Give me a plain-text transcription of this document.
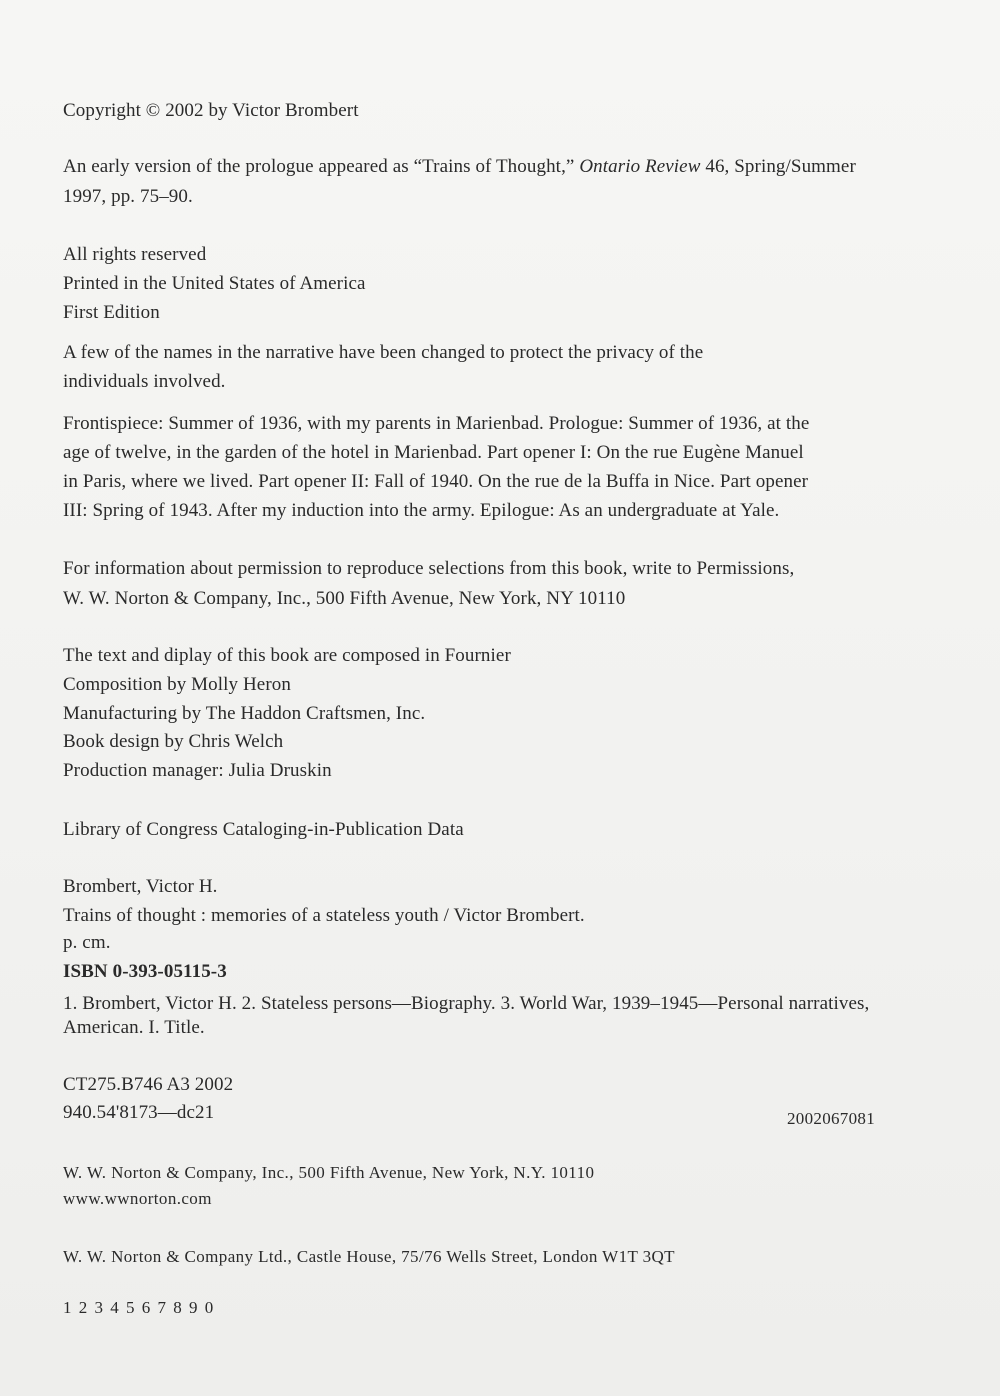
Copyright © 2002 by Victor Brombert
An early version of the prologue appeared as “Trains of Thought,” Ontario Review 46, Spring/Summer
1997, pp. 75–90.
All rights reserved
Printed in the United States of America
First Edition
A few of the names in the narrative have been changed to protect the privacy of the
individuals involved.
Frontispiece: Summer of 1936, with my parents in Marienbad. Prologue: Summer of 1936, at the
age of twelve, in the garden of the hotel in Marienbad. Part opener I: On the rue Eugène Manuel
in Paris, where we lived. Part opener II: Fall of 1940. On the rue de la Buffa in Nice. Part opener
III: Spring of 1943. After my induction into the army. Epilogue: As an undergraduate at Yale.
For information about permission to reproduce selections from this book, write to Permissions,
W. W. Norton & Company, Inc., 500 Fifth Avenue, New York, NY 10110
The text and diplay of this book are composed in Fournier
Composition by Molly Heron
Manufacturing by The Haddon Craftsmen, Inc.
Book design by Chris Welch
Production manager: Julia Druskin
Library of Congress Cataloging-in-Publication Data
Brombert, Victor H.
Trains of thought : memories of a stateless youth / Victor Brombert.
p. cm.
ISBN 0-393-05115-3
1. Brombert, Victor H. 2. Stateless persons—Biography. 3. World War, 1939–1945—Personal narratives,
American. I. Title.
CT275.B746 A3 2002
940.54'8173—dc21	2002067081
W. W. Norton & Company, Inc., 500 Fifth Avenue, New York, N.Y. 10110
www.wwnorton.com
W. W. Norton & Company Ltd., Castle House, 75/76 Wells Street, London W1T 3QT
1 2 3 4 5 6 7 8 9 0
